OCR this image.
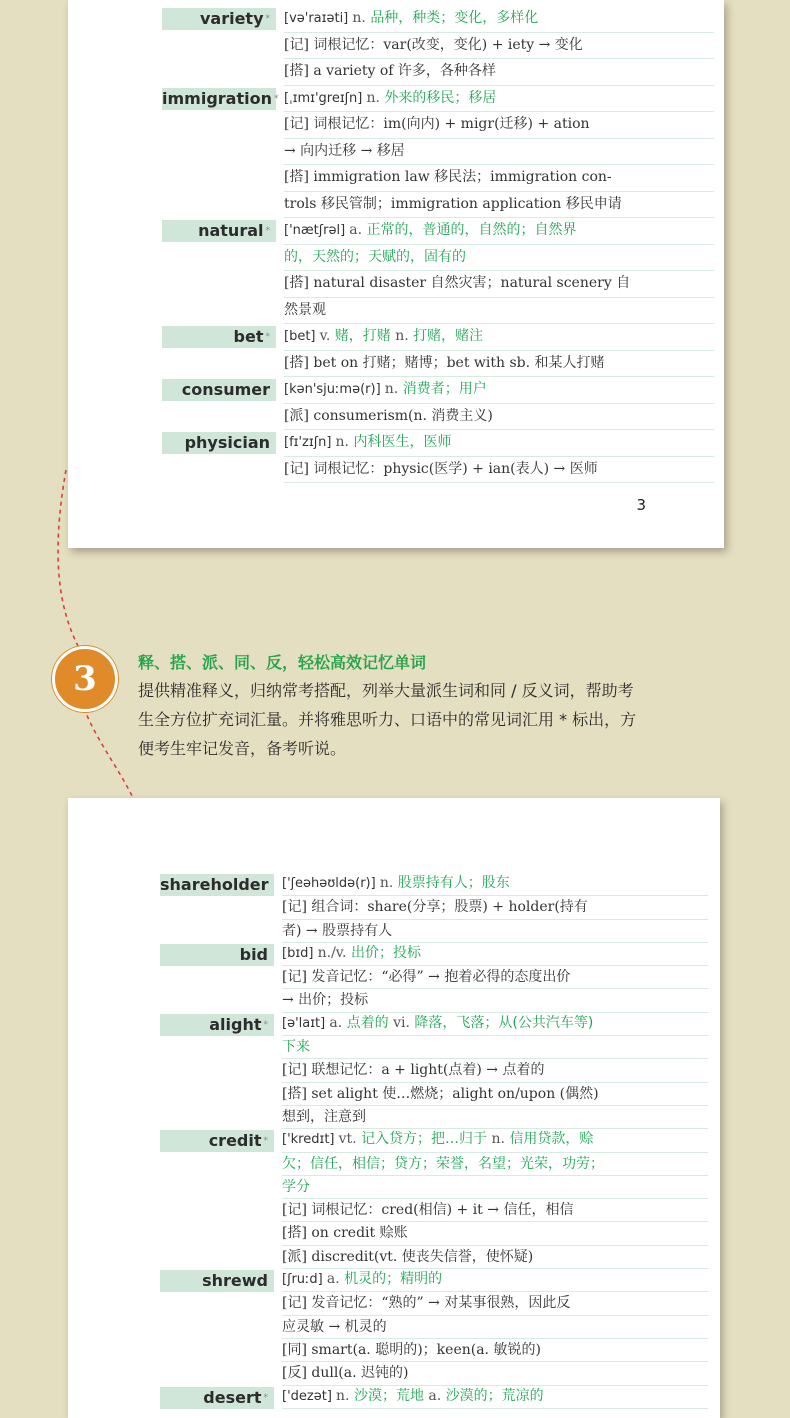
variety *	[və'raɪəti] n. 品种，种类；变化，多样化
[记] 词根记忆：var(改变，变化) + iety → 变化
[搭] a variety of 许多，各种各样
immigration * [ˌɪmɪ'greɪʃn] n. 外来的移民；移居
[记] 词根记忆：im(向内) + migr(迁移) + ation
→ 向内迁移 → 移居
[搭] immigration law 移民法；immigration con-
trols 移民管制；immigration application 移民申请
natural *	['nætʃrəl] a. 正常的，普通的，自然的；自然界
的，天然的；天赋的，固有的
[搭] natural disaster 自然灾害；natural scenery 自
然景观
bet *	[bet] v. 赌，打赌 n. 打赌，赌注
[搭] bet on 打赌；赌博；bet with sb. 和某人打赌
consumer	[kən'sjuːmə(r)] n. 消费者；用户
[派] consumerism(n. 消费主义)
physician	[fɪ'zɪʃn] n. 内科医生，医师
[记] 词根记忆：physic(医学) + ian(表人) → 医师
3
shareholder	['ʃeəhəʊldə(r)] n. 股票持有人；股东
[记] 组合词：share(分享；股票) + holder(持有
者) → 股票持有人
bid	[bɪd] n./v. 出价；投标
[记] 发音记忆：“必得” → 抱着必得的态度出价
→ 出价；投标
alight *	[ə'laɪt] a. 点着的 vi. 降落，飞落；从(公共汽车等)
下来
[记] 联想记忆：a + light(点着) → 点着的
[搭] set alight 使…燃烧；alight on/upon (偶然)
想到，注意到
credit *	['kredɪt] vt. 记入贷方；把…归于 n. 信用贷款，赊
欠；信任，相信；贷方；荣誉，名望；光荣，功劳；
学分
[记] 词根记忆：cred(相信) + it → 信任，相信
[搭] on credit 赊账
[派] discredit(vt. 使丧失信誉，使怀疑)
shrewd	[ʃruːd] a. 机灵的；精明的
[记] 发音记忆：“熟的” → 对某事很熟，因此反
应灵敏 → 机灵的
[同] smart(a. 聪明的)；keen(a. 敏锐的)
[反] dull(a. 迟钝的)
desert *	['dezət] n. 沙漠；荒地 a. 沙漠的；荒凉的
3	释、搭、派、同、反，轻松高效记忆单词
提供精准释义，归纳常考搭配，列举大量派生词和同 / 反义词，帮助考
生全方位扩充词汇量。并将雅思听力、口语中的常见词汇用 * 标出，方
便考生牢记发音，备考听说。
